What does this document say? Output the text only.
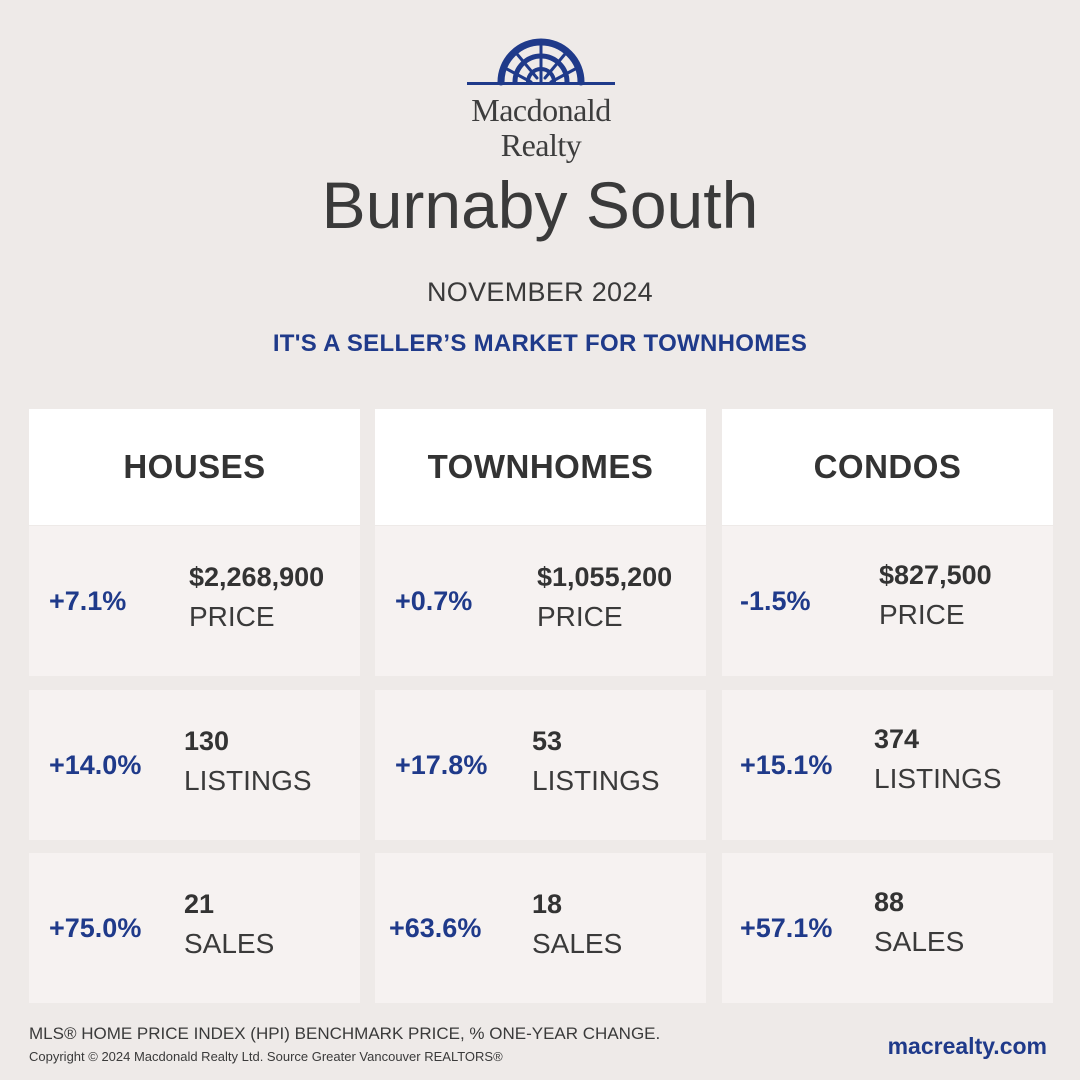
Macdonald
Realty
Burnaby South
NOVEMBER 2024
IT'S A SELLER’S MARKET FOR TOWNHOMES
HOUSES
+7.1%
$2,268,900
PRICE
+14.0%
130
LISTINGS
+75.0%
21
SALES
TOWNHOMES
+0.7%
$1,055,200
PRICE
+17.8%
53
LISTINGS
+63.6%
18
SALES
CONDOS
-1.5%
$827,500
PRICE
+15.1%
374
LISTINGS
+57.1%
88
SALES
MLS® HOME PRICE INDEX (HPI) BENCHMARK PRICE, % ONE-YEAR CHANGE.
Copyright © 2024 Macdonald Realty Ltd. Source Greater Vancouver REALTORS®	macrealty.com
